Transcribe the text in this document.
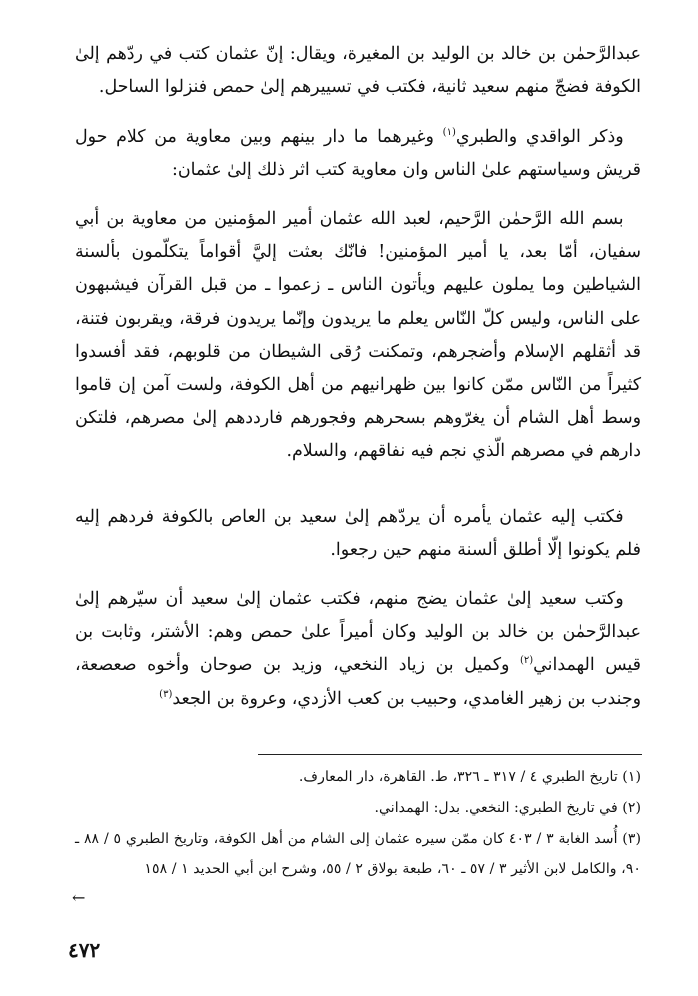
عبدالرَّحمٰن بن خالد بن الوليد بن المغيرة، ويقال: إنّ عثمان كتب في ردّهم إلىٰ الكوفة فضجّ منهم سعيد ثانية، فكتب في تسييرهم إلىٰ حمص فنزلوا الساحل.

 وذكر الواقدي والطبري$^{(١)}$ وغيرهما ما دار بينهم وبين معاوية من كلام حول قريش وسياستهم علىٰ الناس وان معاوية كتب اثر ذلك إلىٰ عثمان:

 بسم الله الرَّحمٰن الرَّحيم، لعبد الله عثمان أمير المؤمنين من معاوية بن أبي سفيان، أمّا بعد، يا أمير المؤمنين! فانّك بعثت إليَّ أقواماً يتكلّمون بألسنة الشياطين وما يملون عليهم ويأتون الناس ـ زعموا ـ من قبل القرآن فيشبهون على الناس، وليس كلّ النّاس يعلم ما يريدون وإنّما يريدون فرقة، ويقربون فتنة، قد أثقلهم الإسلام وأضجرهم، وتمكنت رُقى الشيطان من قلوبهم، فقد أفسدوا كثيراً من النّاس ممّن كانوا بين ظهرانيهم من أهل الكوفة، ولست آمن إن قاموا وسط أهل الشام أن يغرّوهم بسحرهم وفجورهم فارددهم إلىٰ مصرهم، فلتكن دارهم في مصرهم الّذي نجم فيه نفاقهم، والسلام.

 فكتب إليه عثمان يأمره أن يردّهم إلىٰ سعيد بن العاص بالكوفة فردهم إليه فلم يكونوا إلّا أطلق ألسنة منهم حين رجعوا.

 وكتب سعيد إلىٰ عثمان يضج منهم، فكتب عثمان إلىٰ سعيد أن سيّرهم إلىٰ عبدالرَّحمٰن بن خالد بن الوليد وكان أميراً علىٰ حمص وهم: الأشتر، وثابت بن قيس الهمداني$^{(٢)}$ وكميل بن زياد النخعي، وزيد بن صوحان وأخوه صعصعة، وجندب بن زهير الغامدي، وحبيب بن كعب الأزدي، وعروة بن الجعد$^{(٣)}$

(١) تاريخ الطبري ٤ / ٣١٧ ـ ٣٢٦، ط. القاهرة، دار المعارف.

(٢) في تاريخ الطبري: النخعي. بدل: الهمداني.

(٣) أُسد الغابة ٣ / ٤٠٣ كان ممّن سيره عثمان إلى الشام من أهل الكوفة، وتاريخ الطبري ٥ / ٨٨ ـ ٩٠، والكامل لابن الأثير ٣ / ٥٧ ـ ٦٠، طبعة بولاق ٢ / ٥٥، وشرح ابن أبي الحديد ١ / ١٥٨

←
٤٧٢
